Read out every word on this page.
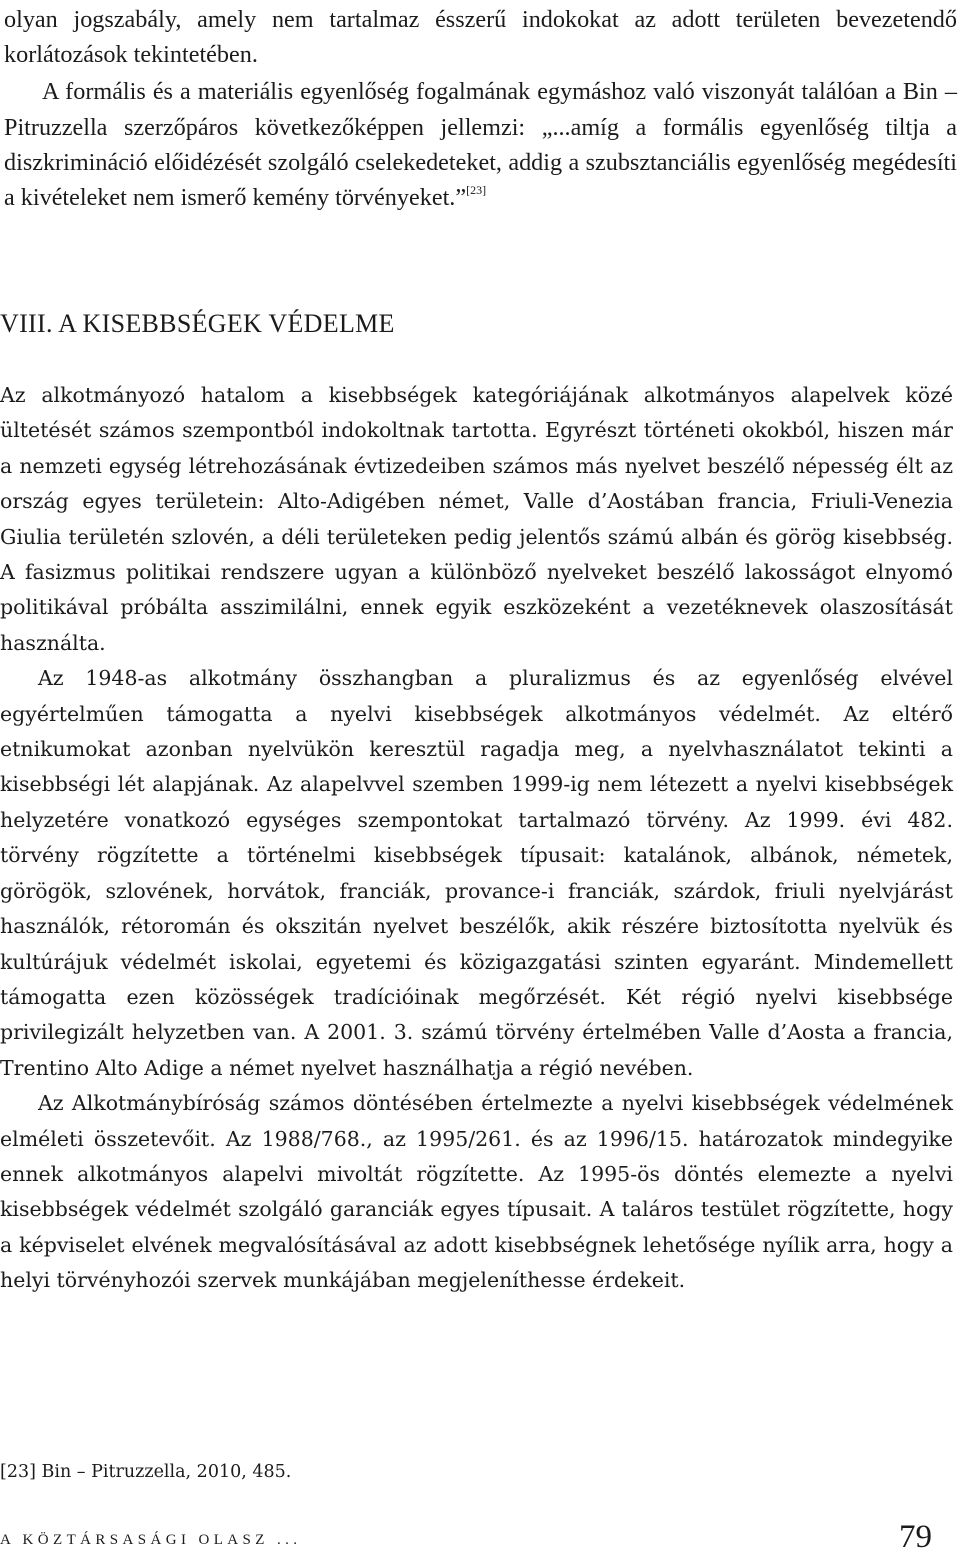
olyan jogszabály, amely nem tartalmaz ésszerű indokokat az adott területen bevezetendő korlátozások tekintetében.

A formális és a materiális egyenlőség fogalmának egymáshoz való viszonyát találóan a Bin – Pitruzzella szerzőpáros következőképpen jellemzi: „...amíg a formális egyenlőség tiltja a diszkrimináció előidézését szolgáló cselekedeteket, addig a szubsztanciális egyenlőség megédesíti a kivételeket nem ismerő kemény törvényeket.”[23]

VIII. A KISEBBSÉGEK VÉDELME

Az alkotmányozó hatalom a kisebbségek kategóriájának alkotmányos alapelvek közé ültetését számos szempontból indokoltnak tartotta. Egyrészt történeti okokból, hiszen már a nemzeti egység létrehozásának évtizedeiben számos más nyelvet beszélő népesség élt az ország egyes területein: Alto-Adigében német, Valle d’Aostában francia, Friuli-Venezia Giulia területén szlovén, a déli területeken pedig jelentős számú albán és görög kisebbség. A fasizmus politikai rendszere ugyan a különböző nyelveket beszélő lakosságot elnyomó politikával próbálta asszimilálni, ennek egyik eszközeként a vezetéknevek olaszosítását használta.

Az 1948-as alkotmány összhangban a pluralizmus és az egyenlőség elvével egyértelműen támogatta a nyelvi kisebbségek alkotmányos védelmét. Az eltérő etnikumokat azonban nyelvükön keresztül ragadja meg, a nyelvhasználatot tekinti a kisebbségi lét alapjának. Az alapelvvel szemben 1999-ig nem létezett a nyelvi kisebbségek helyzetére vonatkozó egységes szempontokat tartalmazó törvény. Az 1999. évi 482. törvény rögzítette a történelmi kisebbségek típusait: katalánok, albánok, németek, görögök, szlovének, horvátok, franciák, provance-i franciák, szárdok, friuli nyelvjárást használók, rétoromán és okszitán nyelvet beszélők, akik részére biztosította nyelvük és kultúrájuk védelmét iskolai, egyetemi és közigazgatási szinten egyaránt. Mindemellett támogatta ezen közösségek tradícióinak megőrzését. Két régió nyelvi kisebbsége privilegizált helyzetben van. A 2001. 3. számú törvény értelmében Valle d’Aosta a francia, Trentino Alto Adige a német nyelvet használhatja a régió nevében.

Az Alkotmánybíróság számos döntésében értelmezte a nyelvi kisebbségek védelmének elméleti összetevőit. Az 1988/768., az 1995/261. és az 1996/15. határozatok mindegyike ennek alkotmányos alapelvi mivoltát rögzítette. Az 1995-ös döntés elemezte a nyelvi kisebbségek védelmét szolgáló garanciák egyes típusait. A taláros testület rögzítette, hogy a képviselet elvének megvalósításával az adott kisebbségnek lehetősége nyílik arra, hogy a helyi törvényhozói szervek munkájában megjeleníthesse érdekeit.

[23] Bin – Pitruzzella, 2010, 485.
A KÖZTÁRSASÁGI OLASZ ...	79
